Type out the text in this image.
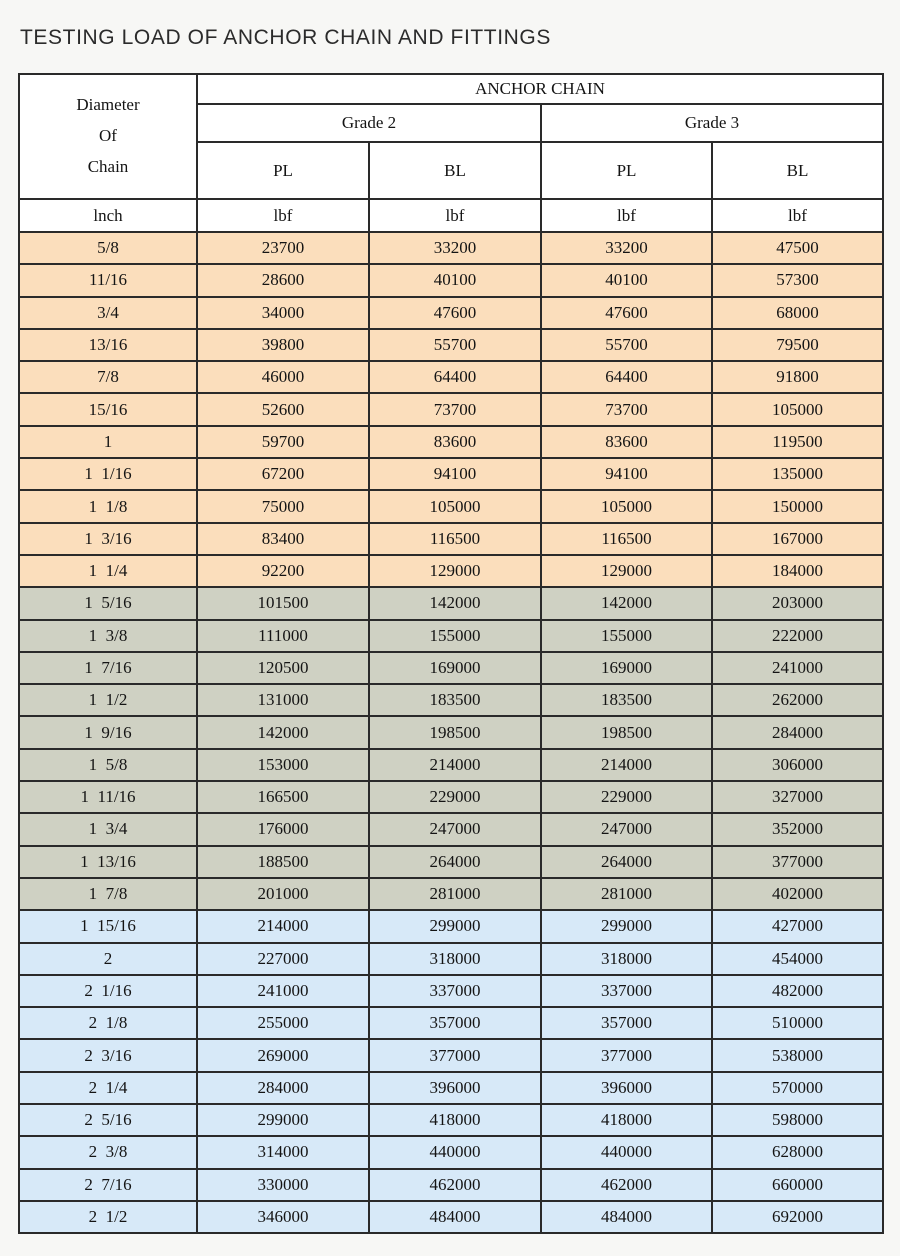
TESTING LOAD OF ANCHOR CHAIN AND FITTINGS
Diameter
Of
Chain	ANCHOR CHAIN			
	Grade 2		Grade 3	
	PL	BL	PL	BL
lnch	lbf	lbf	lbf	lbf
5/8	23700	33200	33200	47500
11/16	28600	40100	40100	57300
3/4	34000	47600	47600	68000
13/16	39800	55700	55700	79500
7/8	46000	64400	64400	91800
15/16	52600	73700	73700	105000
1	59700	83600	83600	119500
1  1/16	67200	94100	94100	135000
1  1/8	75000	105000	105000	150000
1  3/16	83400	116500	116500	167000
1  1/4	92200	129000	129000	184000
1  5/16	101500	142000	142000	203000
1  3/8	111000	155000	155000	222000
1  7/16	120500	169000	169000	241000
1  1/2	131000	183500	183500	262000
1  9/16	142000	198500	198500	284000
1  5/8	153000	214000	214000	306000
1  11/16	166500	229000	229000	327000
1  3/4	176000	247000	247000	352000
1  13/16	188500	264000	264000	377000
1  7/8	201000	281000	281000	402000
1  15/16	214000	299000	299000	427000
2	227000	318000	318000	454000
2  1/16	241000	337000	337000	482000
2  1/8	255000	357000	357000	510000
2  3/16	269000	377000	377000	538000
2  1/4	284000	396000	396000	570000
2  5/16	299000	418000	418000	598000
2  3/8	314000	440000	440000	628000
2  7/16	330000	462000	462000	660000
2  1/2	346000	484000	484000	692000
